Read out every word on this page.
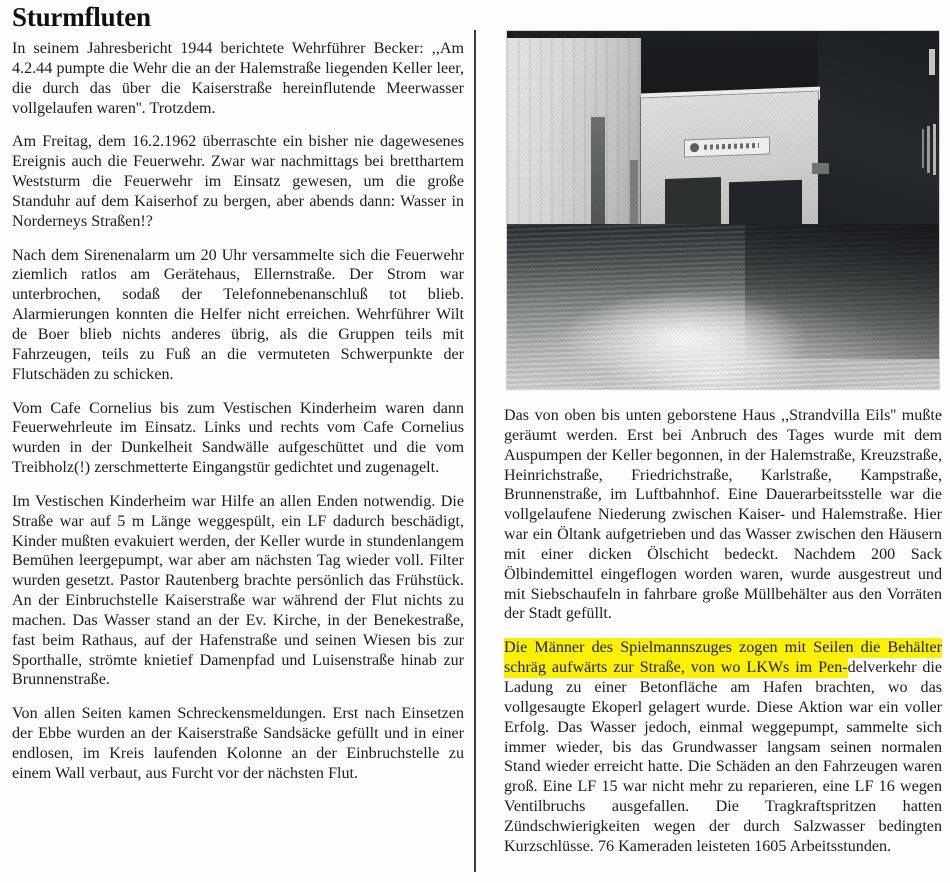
Sturmfluten

In seinem Jahresbericht 1944 berichtete Wehrführer Becker: ,,Am 4.2.44 pumpte die Wehr die an der Halemstraße liegenden Keller leer, die durch das über die Kaiserstraße hereinflutende Meerwasser vollgelaufen waren''. Trotzdem.

Am Freitag, dem 16.2.1962 überraschte ein bisher nie dagewesenes Ereignis auch die Feuerwehr. Zwar war nachmittags bei bretthartem Weststurm die Feuerwehr im Einsatz gewesen, um die große Standuhr auf dem Kaiserhof zu bergen, aber abends dann: Wasser in Norderneys Straßen!?

Nach dem Sirenenalarm um 20 Uhr versammelte sich die Feuerwehr ziemlich ratlos am Gerätehaus, Ellernstraße. Der Strom war unterbrochen, sodaß der Telefonnebenanschluß tot blieb. Alarmierungen konnten die Helfer nicht erreichen. Wehrführer Wilt de Boer blieb nichts anderes übrig, als die Gruppen teils mit Fahrzeugen, teils zu Fuß an die vermuteten Schwerpunkte der Flutschäden zu schicken.

Vom Cafe Cornelius bis zum Vestischen Kinderheim waren dann Feuerwehrleute im Einsatz. Links und rechts vom Cafe Cornelius wurden in der Dunkelheit Sandwälle aufgeschüttet und die vom Treibholz(!) zerschmetterte Eingangstür gedichtet und zugenagelt.

Im Vestischen Kinderheim war Hilfe an allen Enden notwendig. Die Straße war auf 5 m Länge weggespült, ein LF dadurch beschädigt, Kinder mußten evakuiert werden, der Keller wurde in stundenlangem Bemühen leergepumpt, war aber am nächsten Tag wieder voll. Filter wurden gesetzt. Pastor Rautenberg brachte persönlich das Frühstück. An der Einbruchstelle Kaiserstraße war während der Flut nichts zu machen. Das Wasser stand an der Ev. Kirche, in der Benekestraße, fast beim Rathaus, auf der Hafenstraße und seinen Wiesen bis zur Sporthalle, strömte knietief Damenpfad und Luisenstraße hinab zur Brunnenstraße.

Von allen Seiten kamen Schreckensmeldungen. Erst nach Einsetzen der Ebbe wurden an der Kaiserstraße Sandsäcke gefüllt und in einer endlosen, im Kreis laufenden Kolonne an der Einbruchstelle zu einem Wall verbaut, aus Furcht vor der nächsten Flut.

Das von oben bis unten geborstene Haus ,,Strandvilla Eils'' mußte geräumt werden. Erst bei Anbruch des Tages wurde mit dem Auspumpen der Keller begonnen, in der Halemstraße, Kreuzstraße, Heinrichstraße, Friedrichstraße, Karlstraße, Kampstraße, Brunnenstraße, im Luftbahnhof. Eine Dauerarbeitsstelle war die vollgelaufene Niederung zwischen Kaiser- und Halemstraße. Hier war ein Öltank aufgetrieben und das Wasser zwischen den Häusern mit einer dicken Ölschicht bedeckt. Nachdem 200 Sack Ölbindemittel eingeflogen worden waren, wurde ausgestreut und mit Siebschaufeln in fahrbare große Müllbehälter aus den Vorräten der Stadt gefüllt.

Die Männer des Spielmannszuges zogen mit Seilen die Behälter schräg aufwärts zur Straße, von wo LKWs im Pen-delverkehr die Ladung zu einer Betonfläche am Hafen brachten, wo das vollgesaugte Ekoperl gelagert wurde. Diese Aktion war ein voller Erfolg. Das Wasser jedoch, einmal weggepumpt, sammelte sich immer wieder, bis das Grundwasser langsam seinen normalen Stand wieder erreicht hatte. Die Schäden an den Fahrzeugen waren groß. Eine LF 15 war nicht mehr zu reparieren, eine LF 16 wegen Ventilbruchs ausgefallen. Die Tragkraftspritzen hatten Zündschwierigkeiten wegen der durch Salzwasser bedingten Kurzschlüsse. 76 Kameraden leisteten 1605 Arbeitsstunden.
